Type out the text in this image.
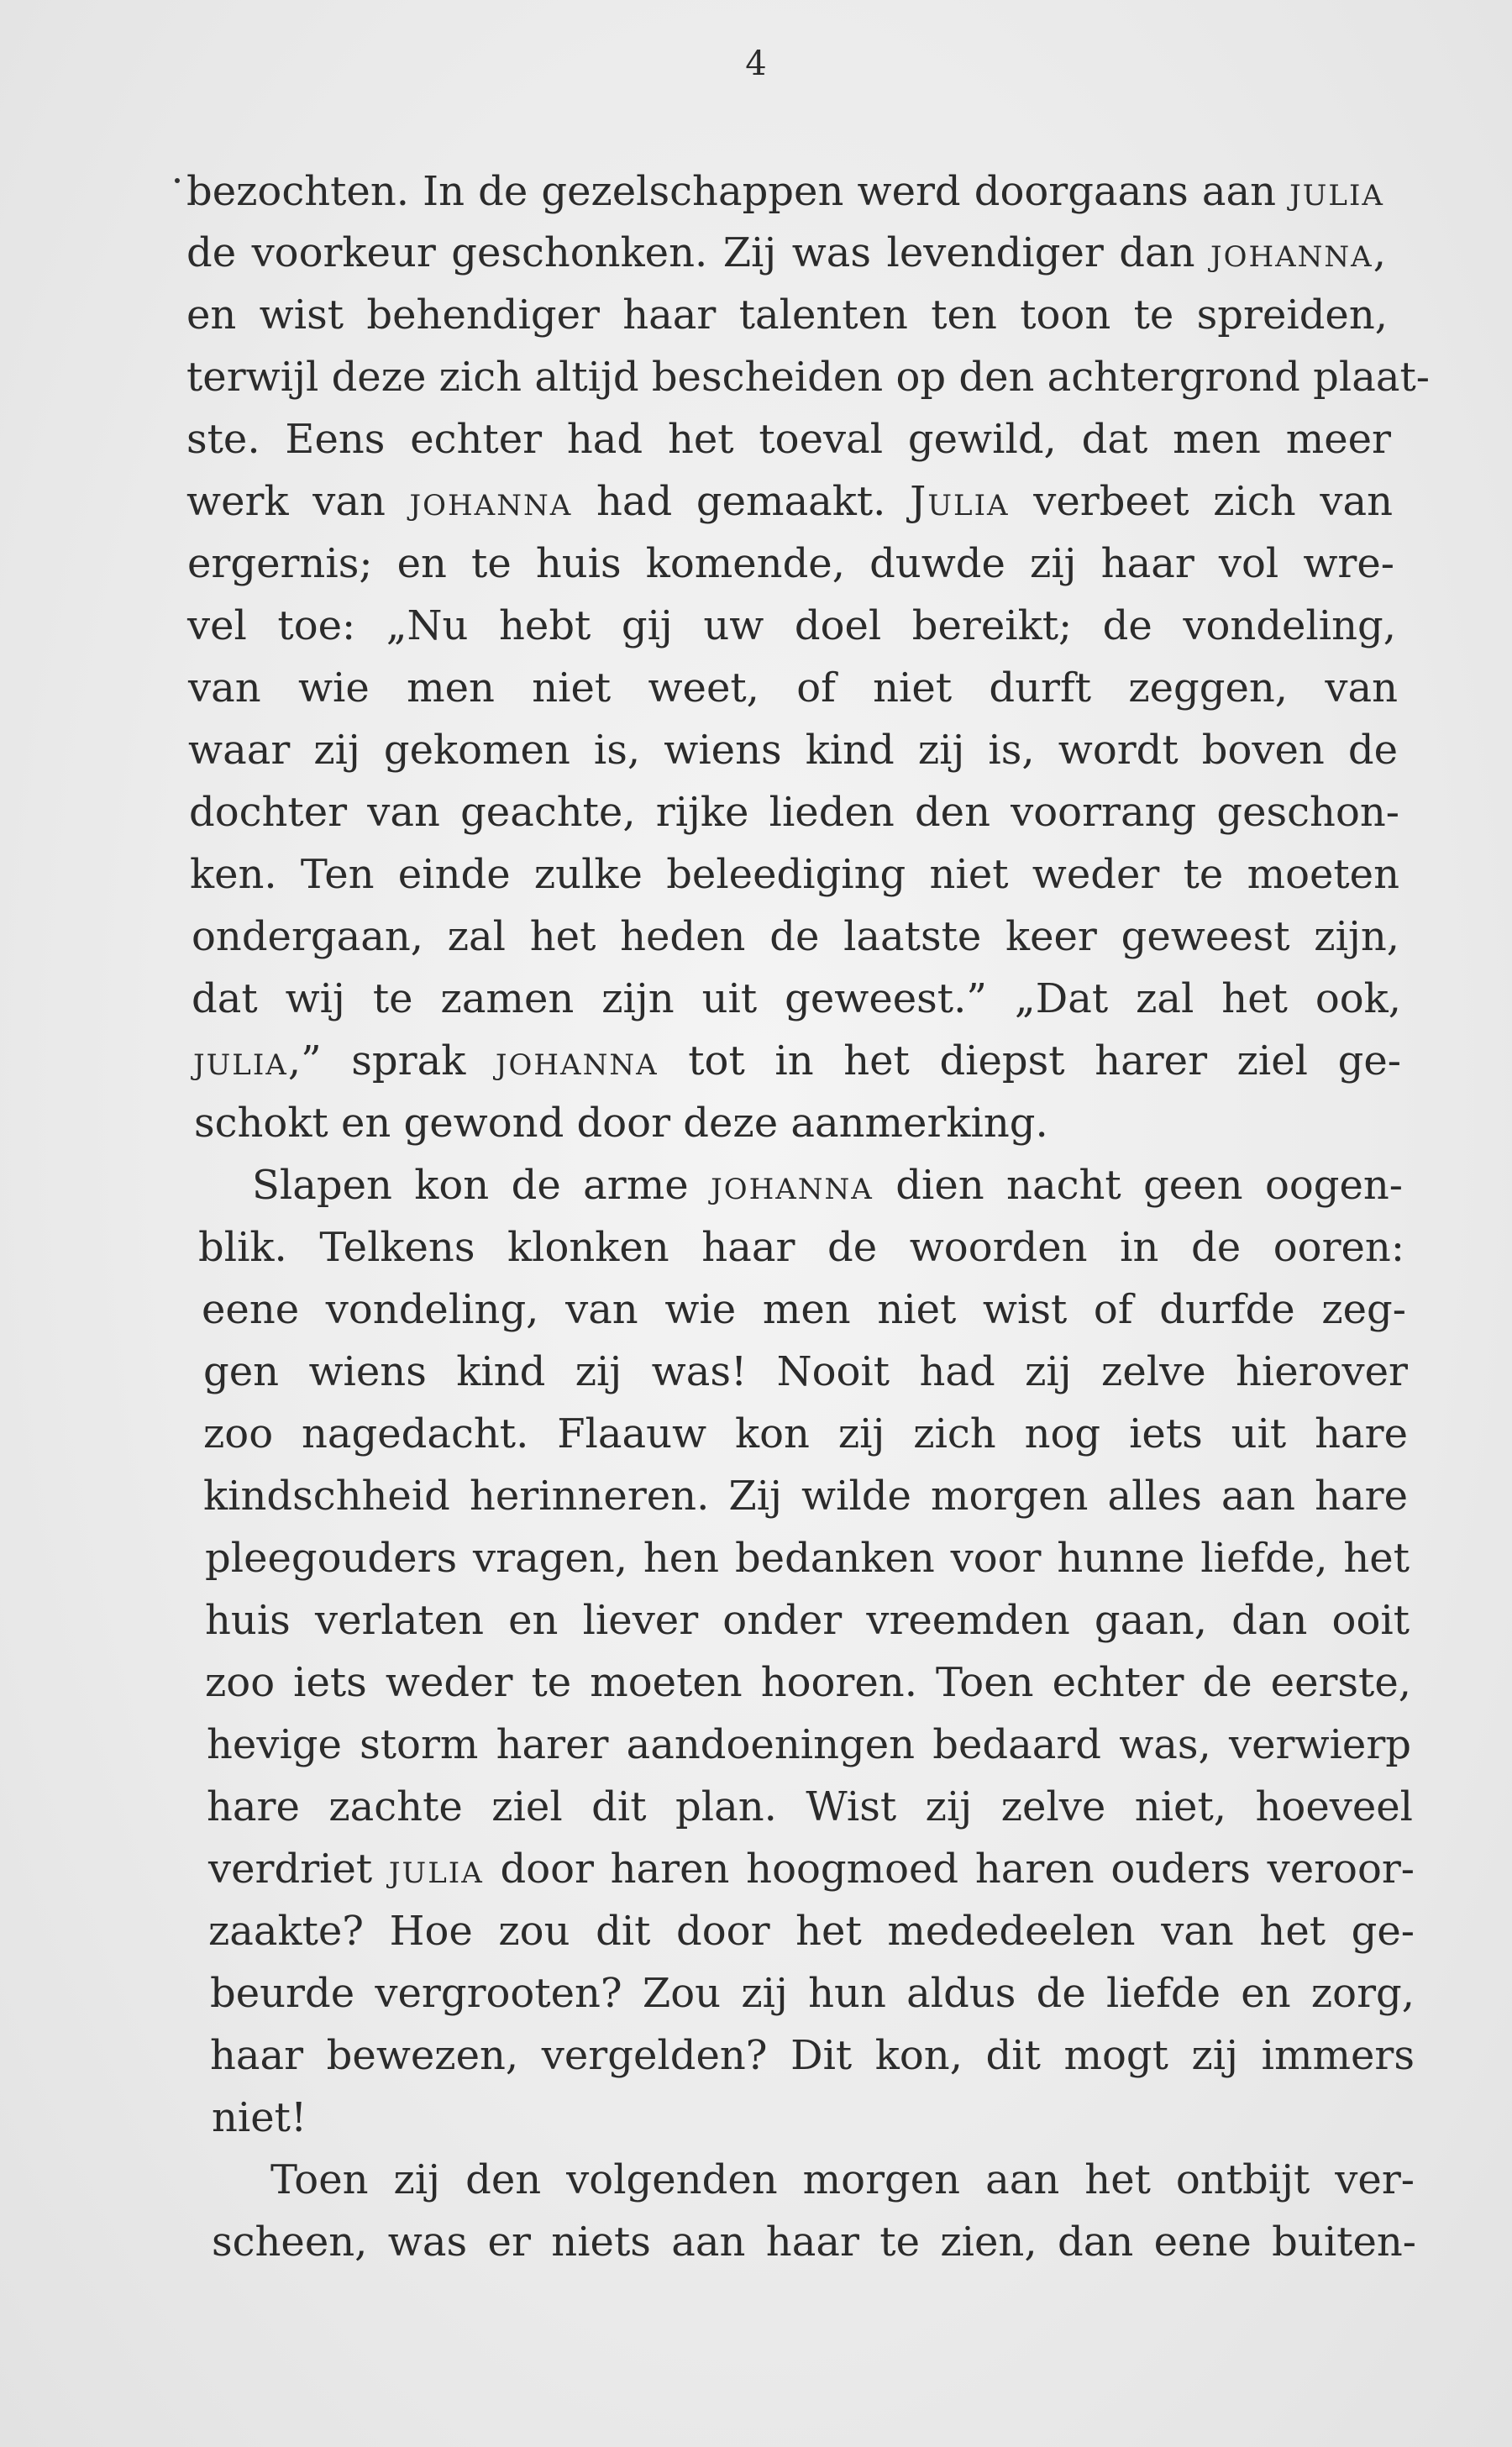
4
bezochten. In de gezelschappen werd doorgaans aan julia
de voorkeur geschonken. Zij was levendiger dan johanna,
en wist behendiger haar talenten ten toon te spreiden,
terwijl deze zich altijd bescheiden op den achtergrond plaat-
ste. Eens echter had het toeval gewild, dat men meer
werk van johanna had gemaakt. Julia verbeet zich van
ergernis; en te huis komende, duwde zij haar vol wre-
vel toe: „Nu hebt gij uw doel bereikt; de vondeling,
van wie men niet weet, of niet durft zeggen, van
waar zij gekomen is, wiens kind zij is, wordt boven de
dochter van geachte, rijke lieden den voorrang geschon-
ken. Ten einde zulke beleediging niet weder te moeten
ondergaan, zal het heden de laatste keer geweest zijn,
dat wij te zamen zijn uit geweest.” „Dat zal het ook,
julia,” sprak johanna tot in het diepst harer ziel ge-
schokt en gewond door deze aanmerking.
Slapen kon de arme johanna dien nacht geen oogen-
blik. Telkens klonken haar de woorden in de ooren:
eene vondeling, van wie men niet wist of durfde zeg-
gen wiens kind zij was! Nooit had zij zelve hierover
zoo nagedacht. Flaauw kon zij zich nog iets uit hare
kindschheid herinneren. Zij wilde morgen alles aan hare
pleegouders vragen, hen bedanken voor hunne liefde, het
huis verlaten en liever onder vreemden gaan, dan ooit
zoo iets weder te moeten hooren. Toen echter de eerste,
hevige storm harer aandoeningen bedaard was, verwierp
hare zachte ziel dit plan. Wist zij zelve niet, hoeveel
verdriet julia door haren hoogmoed haren ouders veroor-
zaakte? Hoe zou dit door het mededeelen van het ge-
beurde vergrooten? Zou zij hun aldus de liefde en zorg,
haar bewezen, vergelden? Dit kon, dit mogt zij immers
niet!
Toen zij den volgenden morgen aan het ontbijt ver-
scheen, was er niets aan haar te zien, dan eene buiten-
